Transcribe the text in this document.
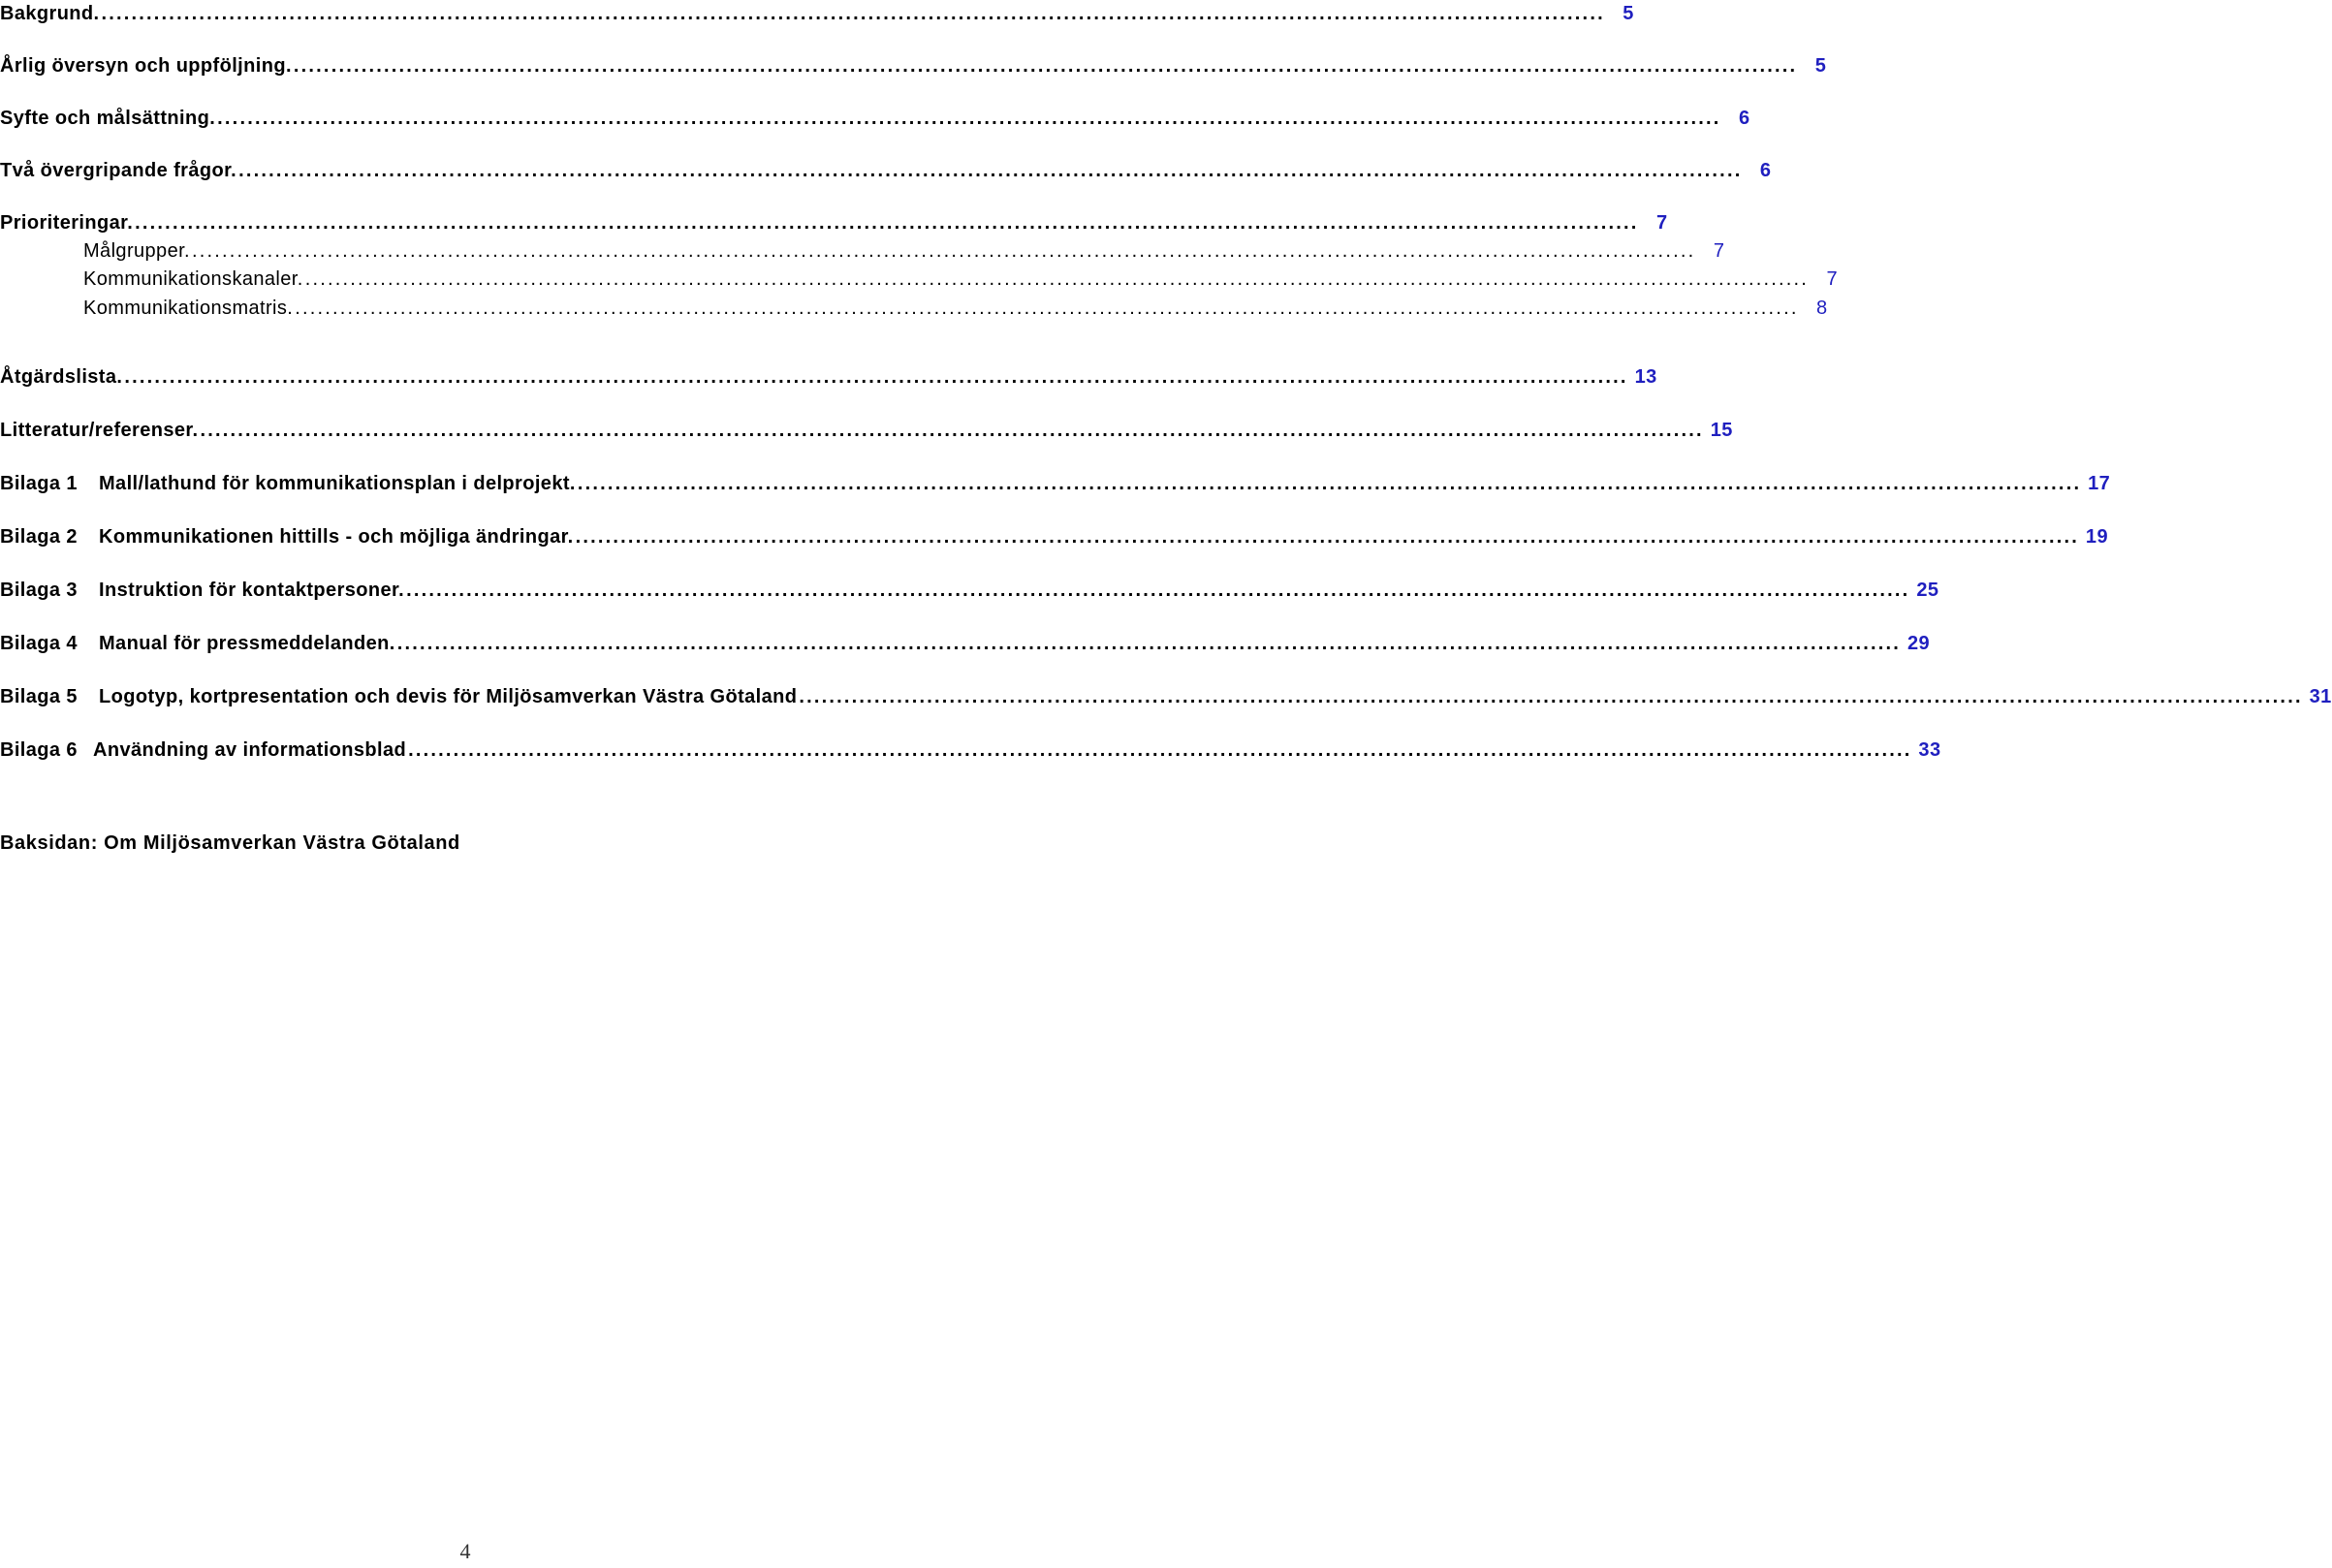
Bakgrund. ........................................................................................................................................................................................................ 5
Årlig översyn och uppföljning. ........................................................................................................................................................................................................ 5
Syfte och målsättning. ........................................................................................................................................................................................................ 6
Två övergripande frågor. ........................................................................................................................................................................................................ 6
Prioriteringar. ........................................................................................................................................................................................................ 7
Målgrupper. ........................................................................................................................................................................................................ 7
Kommunikationskanaler. ........................................................................................................................................................................................................ 7
Kommunikationsmatris. ........................................................................................................................................................................................................ 8
Åtgärdslista. ........................................................................................................................................................................................................ 13
Litteratur/referenser. ........................................................................................................................................................................................................ 15
Bilaga 1 Mall/lathund för kommunikationsplan i delprojekt. ........................................................................................................................................................................................................ 17
Bilaga 2 Kommunikationen hittills - och möjliga ändringar. ........................................................................................................................................................................................................ 19
Bilaga 3 Instruktion för kontaktpersoner. ........................................................................................................................................................................................................ 25
Bilaga 4 Manual för pressmeddelanden. ........................................................................................................................................................................................................ 29
Bilaga 5 Logotyp, kortpresentation och devis för Miljösamverkan Västra Götaland ........................................................................................................................................................................................................ 31
Bilaga 6 Användning av informationsblad ........................................................................................................................................................................................................ 33
Baksidan: Om Miljösamverkan Västra Götaland
4
